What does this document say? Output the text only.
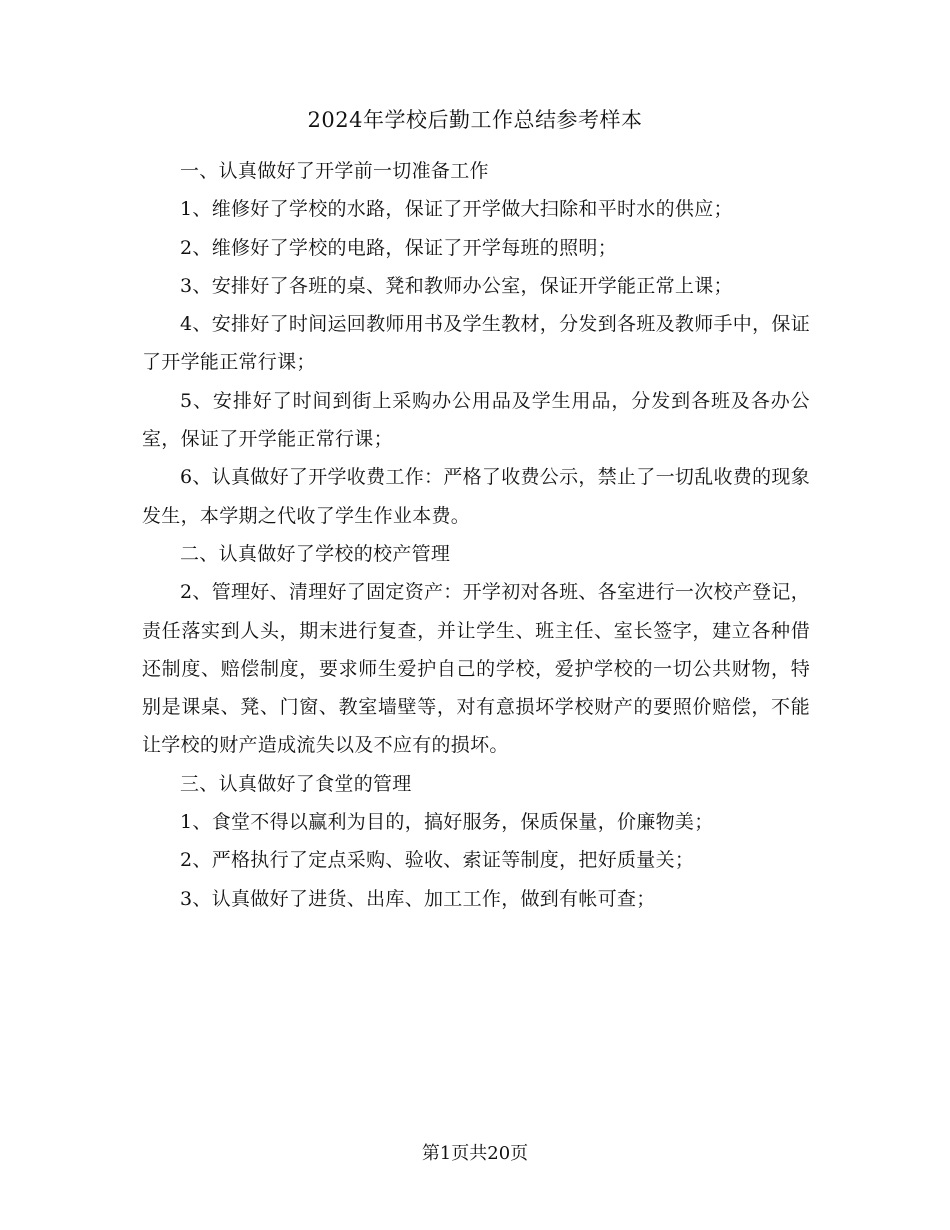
2024年学校后勤工作总结参考样本

一、认真做好了开学前一切准备工作

1、维修好了学校的水路，保证了开学做大扫除和平时水的供应；

2、维修好了学校的电路，保证了开学每班的照明；

3、安排好了各班的桌、凳和教师办公室，保证开学能正常上课；

4、安排好了时间运回教师用书及学生教材，分发到各班及教师手中，保证了开学能正常行课；

5、安排好了时间到街上采购办公用品及学生用品，分发到各班及各办公室，保证了开学能正常行课；

6、认真做好了开学收费工作：严格了收费公示，禁止了一切乱收费的现象发生，本学期之代收了学生作业本费。

二、认真做好了学校的校产管理

2、管理好、清理好了固定资产：开学初对各班、各室进行一次校产登记，责任落实到人头，期末进行复查，并让学生、班主任、室长签字，建立各种借还制度、赔偿制度，要求师生爱护自己的学校，爱护学校的一切公共财物，特别是课桌、凳、门窗、教室墙壁等，对有意损坏学校财产的要照价赔偿，不能让学校的财产造成流失以及不应有的损坏。

三、认真做好了食堂的管理

1、食堂不得以赢利为目的，搞好服务，保质保量，价廉物美；

2、严格执行了定点采购、验收、索证等制度，把好质量关；

3、认真做好了进货、出库、加工工作，做到有帐可查；

第1页共20页
